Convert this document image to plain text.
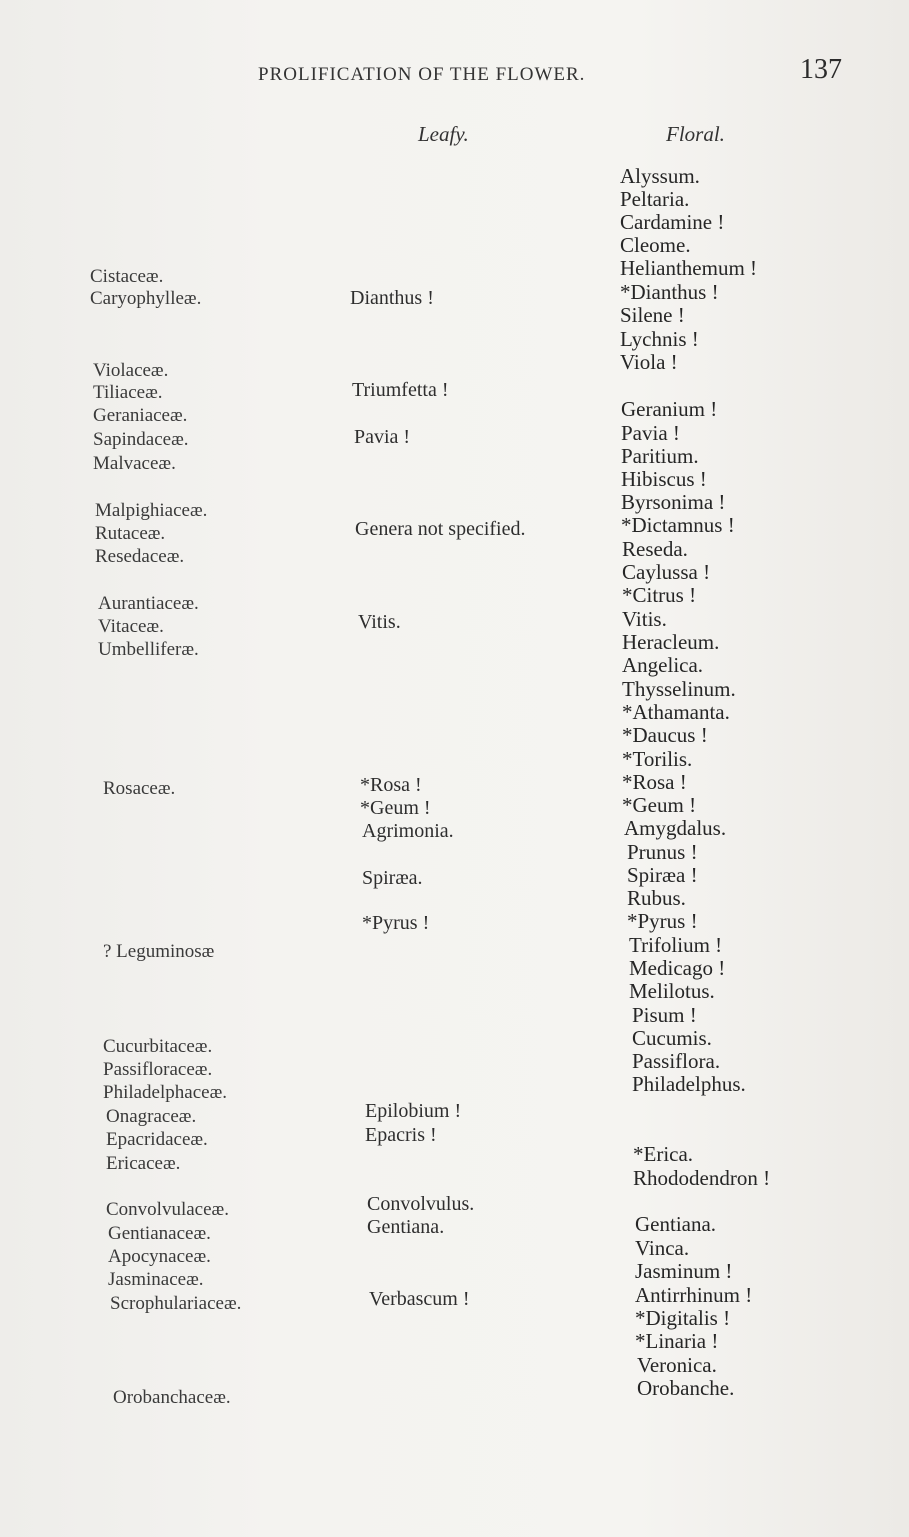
PROLIFICATION OF THE FLOWER.	137
Leafy.	Floral.
Cistaceæ.
Caryophylleæ.
Violaceæ.
Tiliaceæ.
Geraniaceæ.
Sapindaceæ.
Malvaceæ.
Malpighiaceæ.
Rutaceæ.
Resedaceæ.
Aurantiaceæ.
Vitaceæ.
Umbelliferæ.
Rosaceæ.
? Leguminosæ
Cucurbitaceæ.
Passifloraceæ.
Philadelphaceæ.
Onagraceæ.
Epacridaceæ.
Ericaceæ.
Convolvulaceæ.
Gentianaceæ.
Apocynaceæ.
Jasminaceæ.
Scrophulariaceæ.
Orobanchaceæ.
Dianthus !
Triumfetta !
Pavia !
Genera not specified.
Vitis.
*Rosa !
*Geum !
Agrimonia.
Spiræa.
*Pyrus !
Epilobium !
Epacris !
Convolvulus.
Gentiana.
Verbascum !
Alyssum.
Peltaria.
Cardamine !
Cleome.
Helianthemum !
*Dianthus !
Silene !
Lychnis !
Viola !
Geranium !
Pavia !
Paritium.
Hibiscus !
Byrsonima !
*Dictamnus !
Reseda.
Caylussa !
*Citrus !
Vitis.
Heracleum.
Angelica.
Thysselinum.
*Athamanta.
*Daucus !
*Torilis.
*Rosa !
*Geum !
Amygdalus.
Prunus !
Spiræa !
Rubus.
*Pyrus !
Trifolium !
Medicago !
Melilotus.
Pisum !
Cucumis.
Passiflora.
Philadelphus.
*Erica.
Rhododendron !
Gentiana.
Vinca.
Jasminum !
Antirrhinum !
*Digitalis !
*Linaria !
Veronica.
Orobanche.
